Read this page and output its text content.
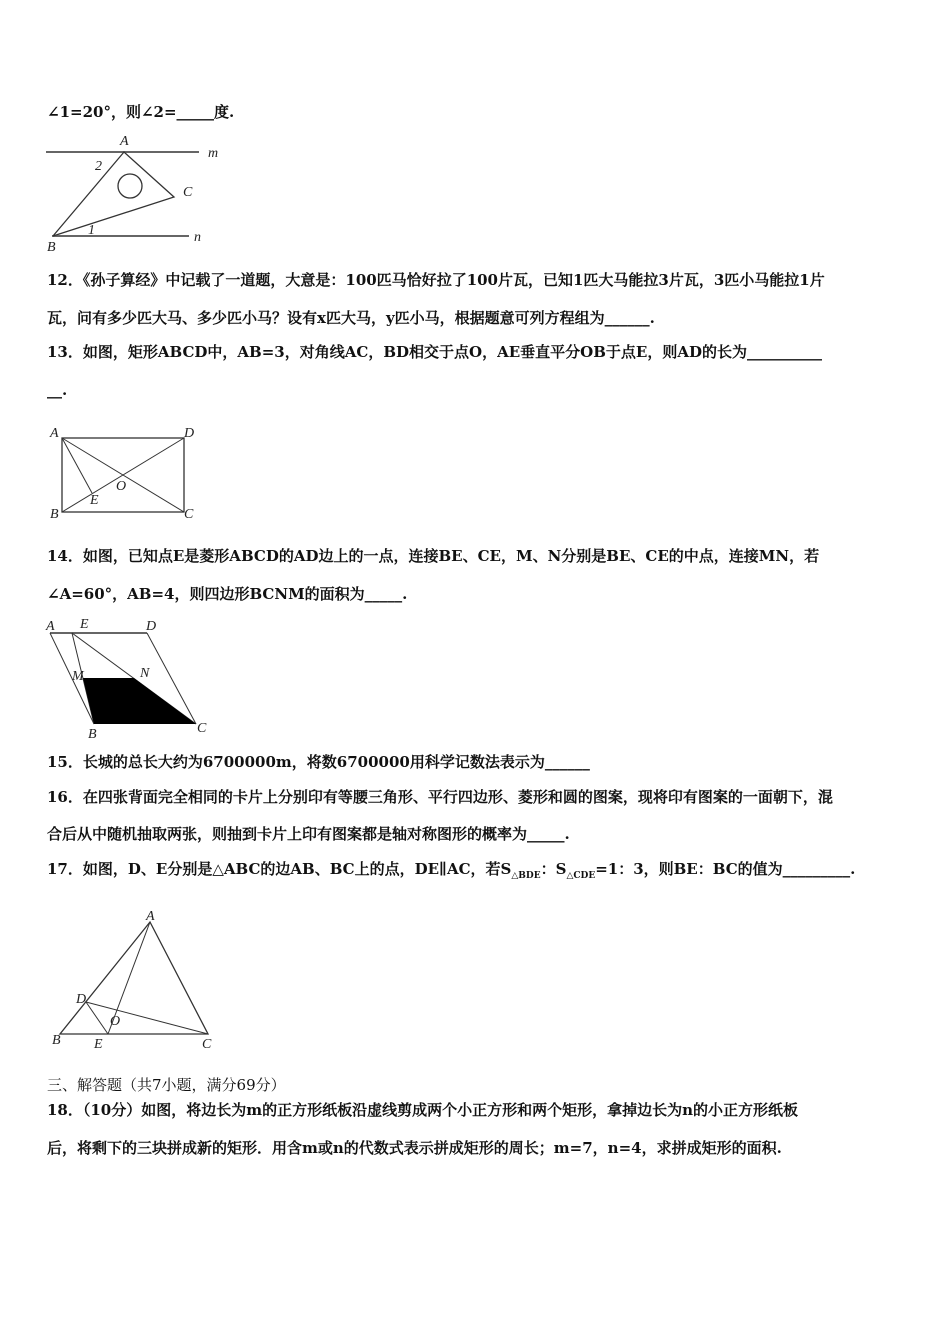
∠1=20°，则∠2=_____度.
A
m
C
n
B
1
2
12．《孙子算经》中记载了一道题，大意是：100匹马恰好拉了100片瓦，已知1匹大马能拉3片瓦，3匹小马能拉1片
瓦，问有多少匹大马、多少匹小马？设有x匹大马，y匹小马，根据题意可列方程组为______.
13．如图，矩形ABCD中，AB=3，对角线AC，BD相交于点O，AE垂直平分OB于点E，则AD的长为__________
__.
A	D
B	C
E
O
14．如图，已知点E是菱形ABCD的AD边上的一点，连接BE、CE，M、N分别是BE、CE的中点，连接MN，若
∠A=60°，AB=4，则四边形BCNM的面积为_____.
A E	D
M	N
B	C
15．长城的总长大约为6700000m，将数6700000用科学记数法表示为______
16．在四张背面完全相同的卡片上分别印有等腰三角形、平行四边形、菱形和圆的图案，现将印有图案的一面朝下，混
合后从中随机抽取两张，则抽到卡片上印有图案都是轴对称图形的概率为_____.
17．如图，D、E分别是△ABC的边AB、BC上的点，DE∥AC，若$S_{\triangle BDE}$：$S_{\triangle CDE}=1$：3，则BE：BC的值为_________.
A
D
O
B E	C
三、解答题（共7小题，满分69分）
18．（10分）如图，将边长为m的正方形纸板沿虚线剪成两个小正方形和两个矩形，拿掉边长为n的小正方形纸板
后，将剩下的三块拼成新的矩形．用含m或n的代数式表示拼成矩形的周长；m=7，n=4，求拼成矩形的面积.
